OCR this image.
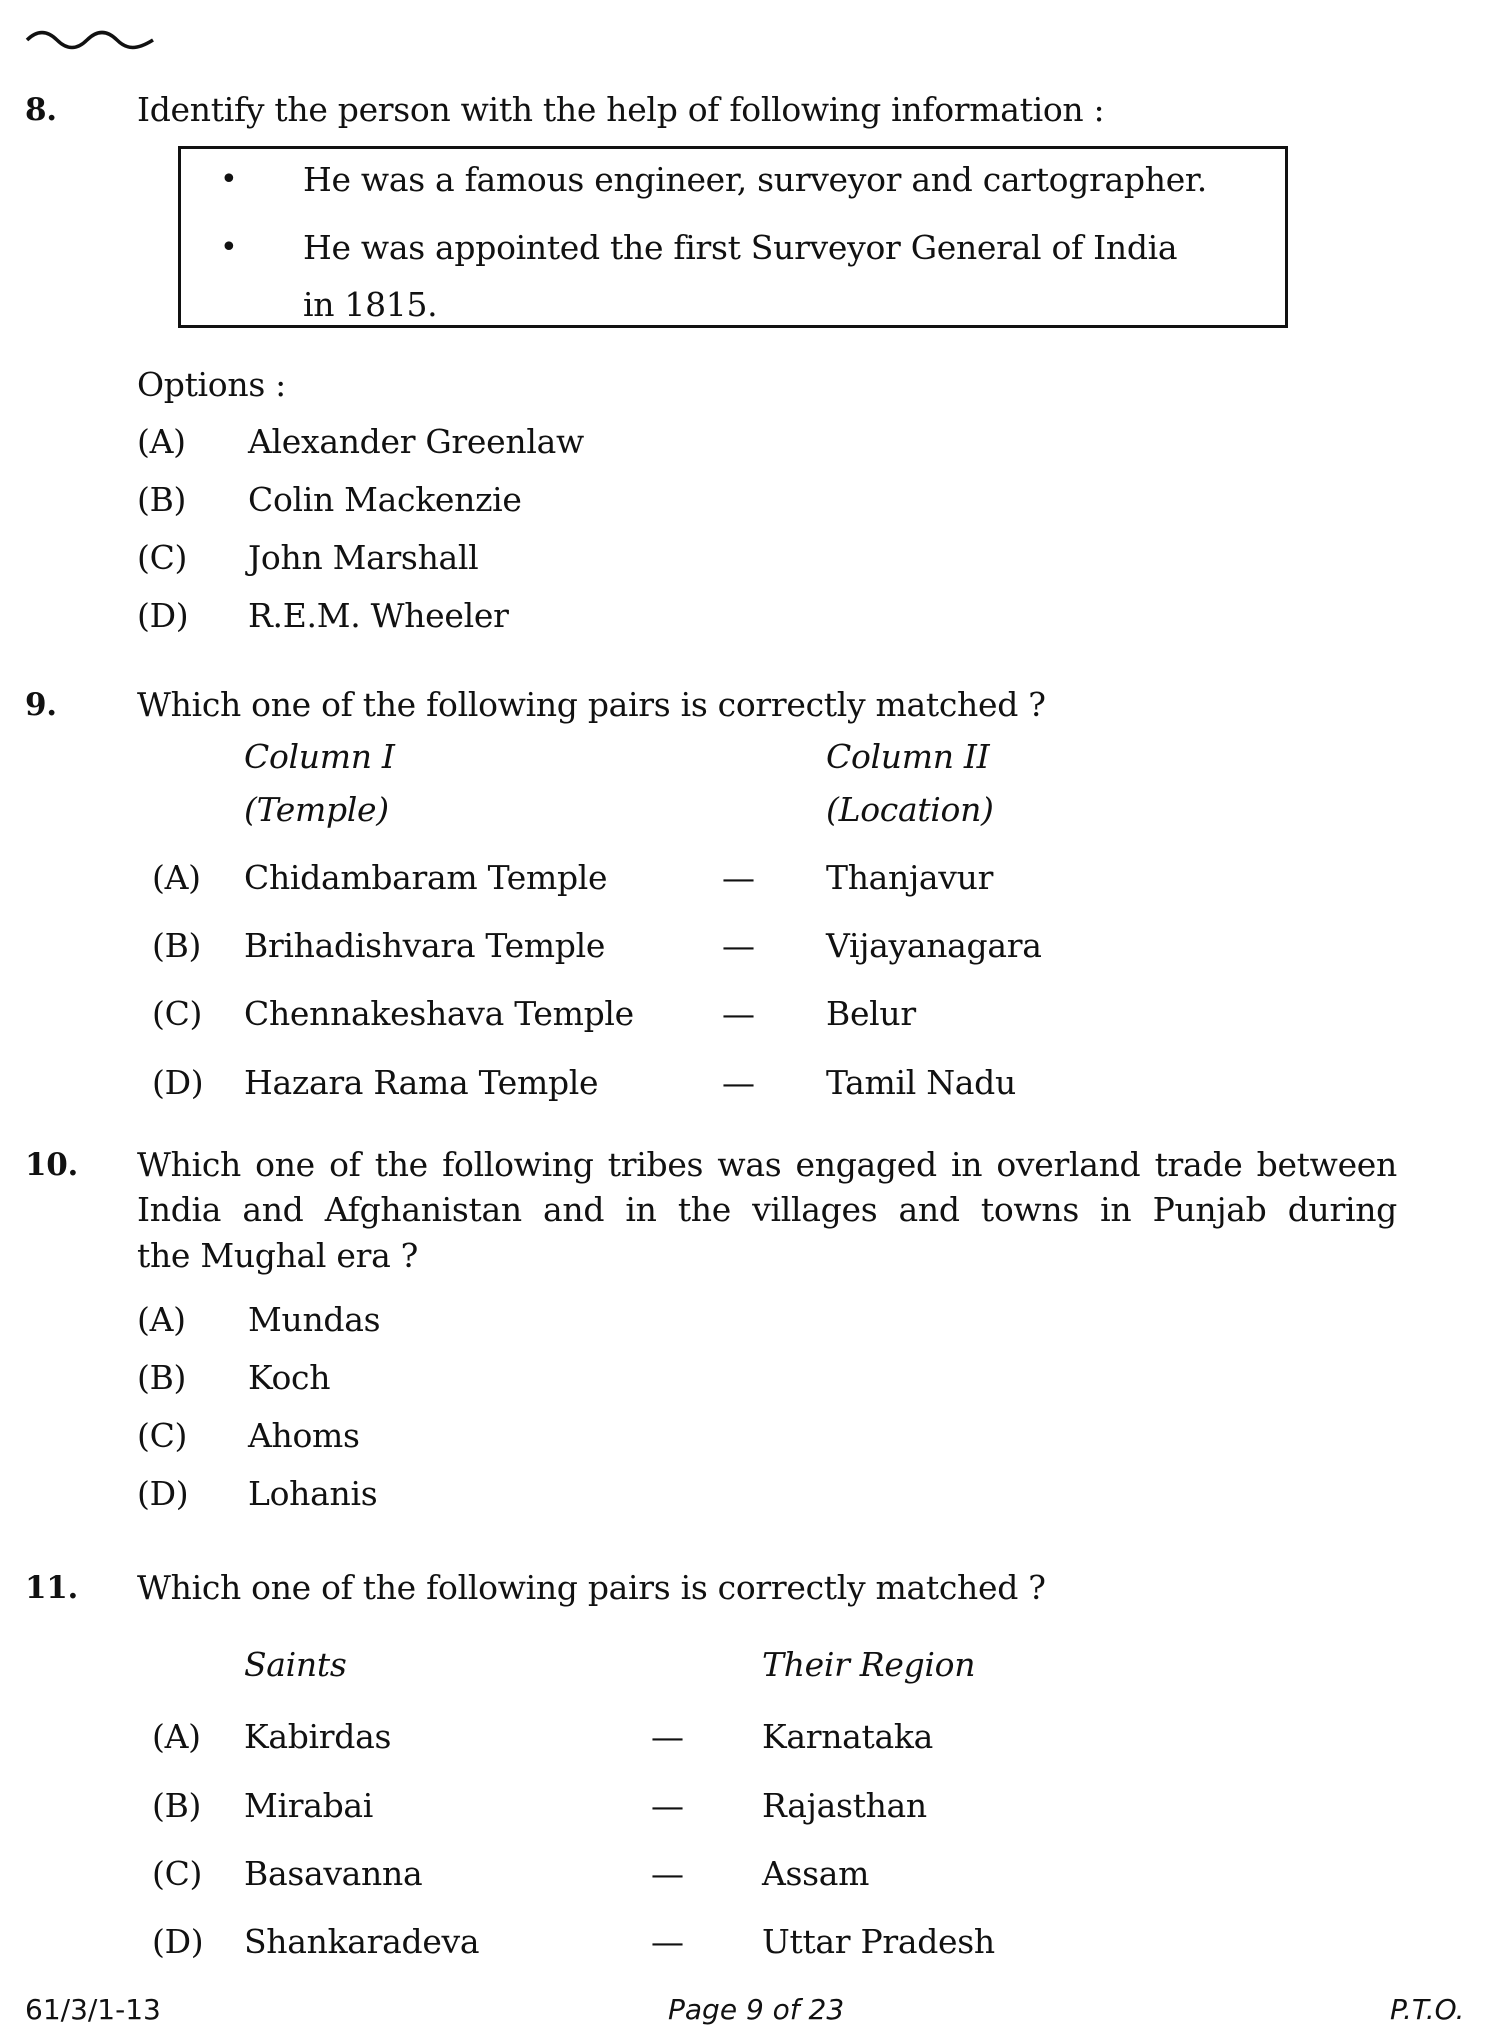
8. Identify the person with the help of following information :
• He was a famous engineer, surveyor and cartographer.
• He was appointed the first Surveyor General of India
in 1815.
Options :
(A) Alexander Greenlaw
(B) Colin Mackenzie
(C) John Marshall
(D) R.E.M. Wheeler
9. Which one of the following pairs is correctly matched ?
Column I	Column II
(Temple)	(Location)
(A) Chidambaram Temple	— Thanjavur
(B) Brihadishvara Temple	— Vijayanagara
(C) Chennakeshava Temple	— Belur
(D) Hazara Rama Temple	— Tamil Nadu
10. Which one of the following tribes was engaged in overland trade between
India and Afghanistan and in the villages and towns in Punjab during
the Mughal era ?
(A) Mundas
(B) Koch
(C) Ahoms
(D) Lohanis
11. Which one of the following pairs is correctly matched ?
Saints	Their Region
(A) Kabirdas	— Karnataka
(B) Mirabai	— Rajasthan
(C) Basavanna	— Assam
(D) Shankaradeva	— Uttar Pradesh
61/3/1-13	Page 9 of 23	P.T.O.
